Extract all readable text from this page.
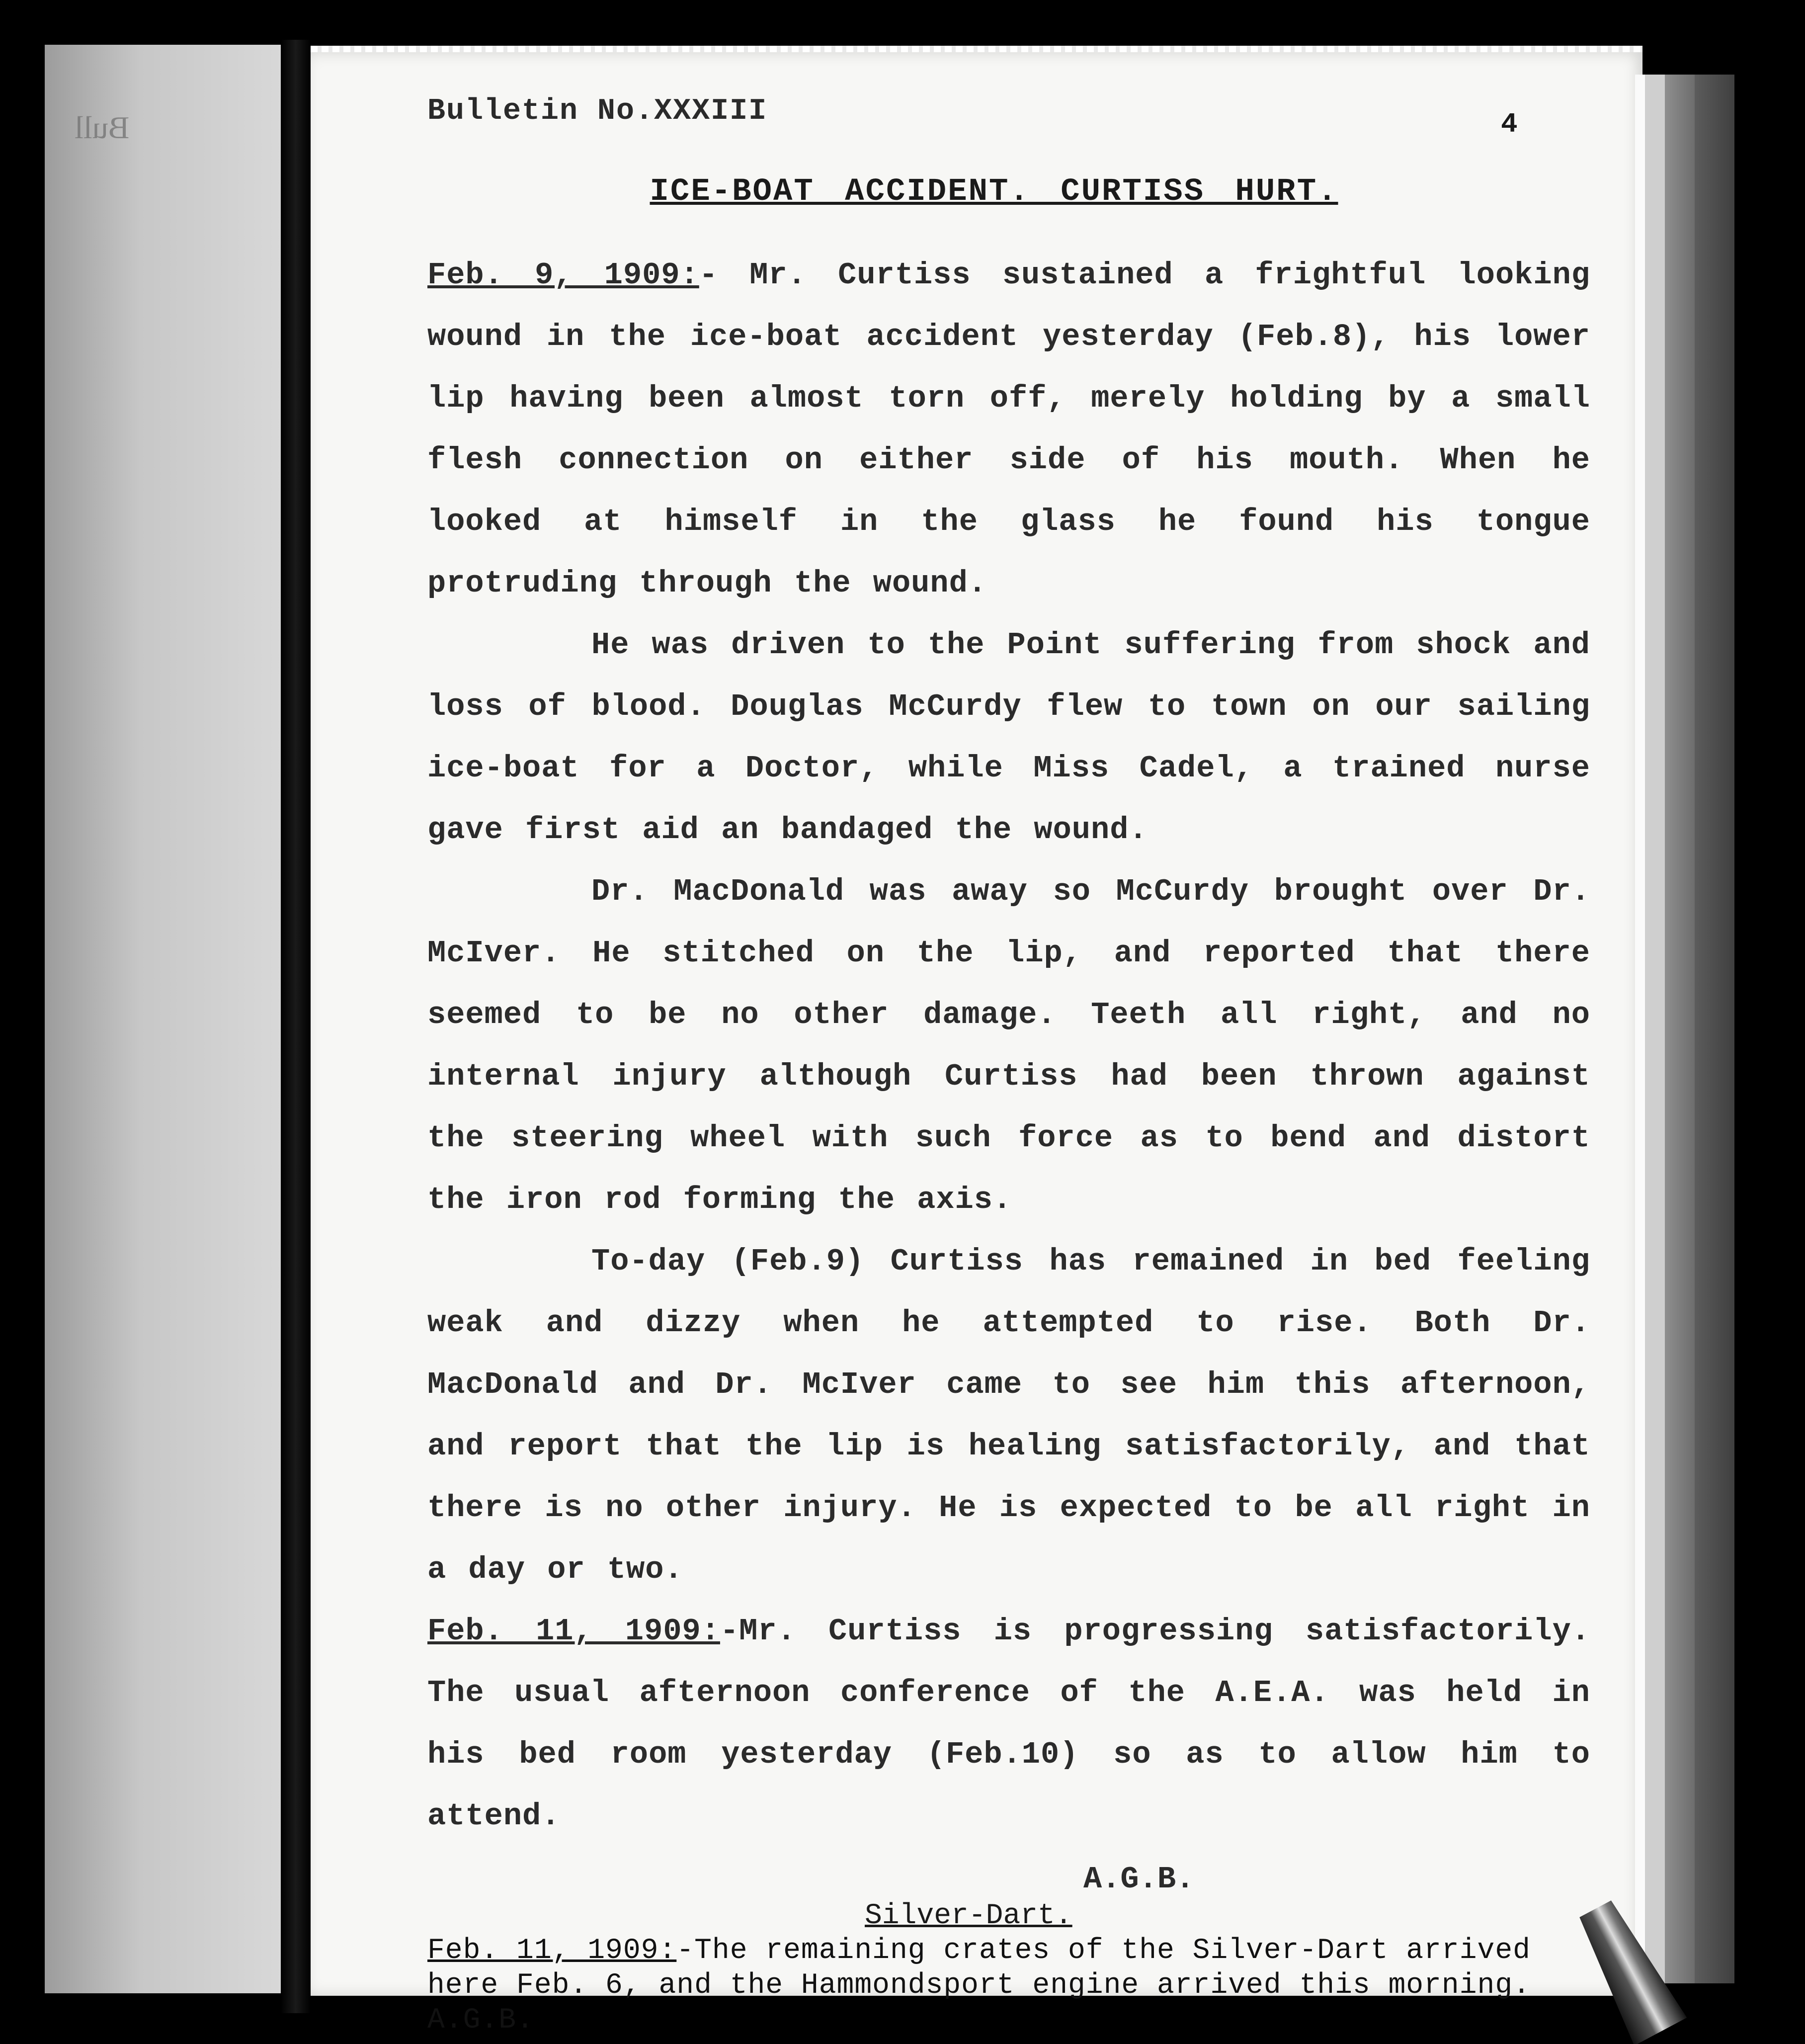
Bull	Bulletin No.XXXIII	4
ICE-BOAT ACCIDENT. CURTISS HURT.

Feb. 9, 1909:- Mr. Curtiss sustained a frightful looking wound in the ice-boat accident yesterday (Feb.8), his lower lip having been almost torn off, merely holding by a small flesh connection on either side of his mouth. When he looked at himself in the glass he found his tongue protruding through the wound.

He was driven to the Point suffering from shock and loss of blood. Douglas McCurdy flew to town on our sailing ice-boat for a Doctor, while Miss Cadel, a trained nurse gave first aid an bandaged the wound.

Dr. MacDonald was away so McCurdy brought over Dr. McIver. He stitched on the lip, and reported that there seemed to be no other damage. Teeth all right, and no internal injury although Curtiss had been thrown against the steering wheel with such force as to bend and distort the iron rod forming the axis.

To-day (Feb.9) Curtiss has remained in bed feeling weak and dizzy when he attempted to rise. Both Dr. MacDonald and Dr. McIver came to see him this afternoon, and report that the lip is healing satisfactorily, and that there is no other injury. He is expected to be all right in a day or two.

Feb. 11, 1909:-Mr. Curtiss is progressing satisfactorily. The usual afternoon conference of the A.E.A. was held in his bed room yesterday (Feb.10) so as to allow him to attend.

A.G.B.
Silver-Dart.

Feb. 11, 1909:-The remaining crates of the Silver-Dart arrived here Feb. 6, and the Hammondsport engine arrived this morning. A.G.B.
